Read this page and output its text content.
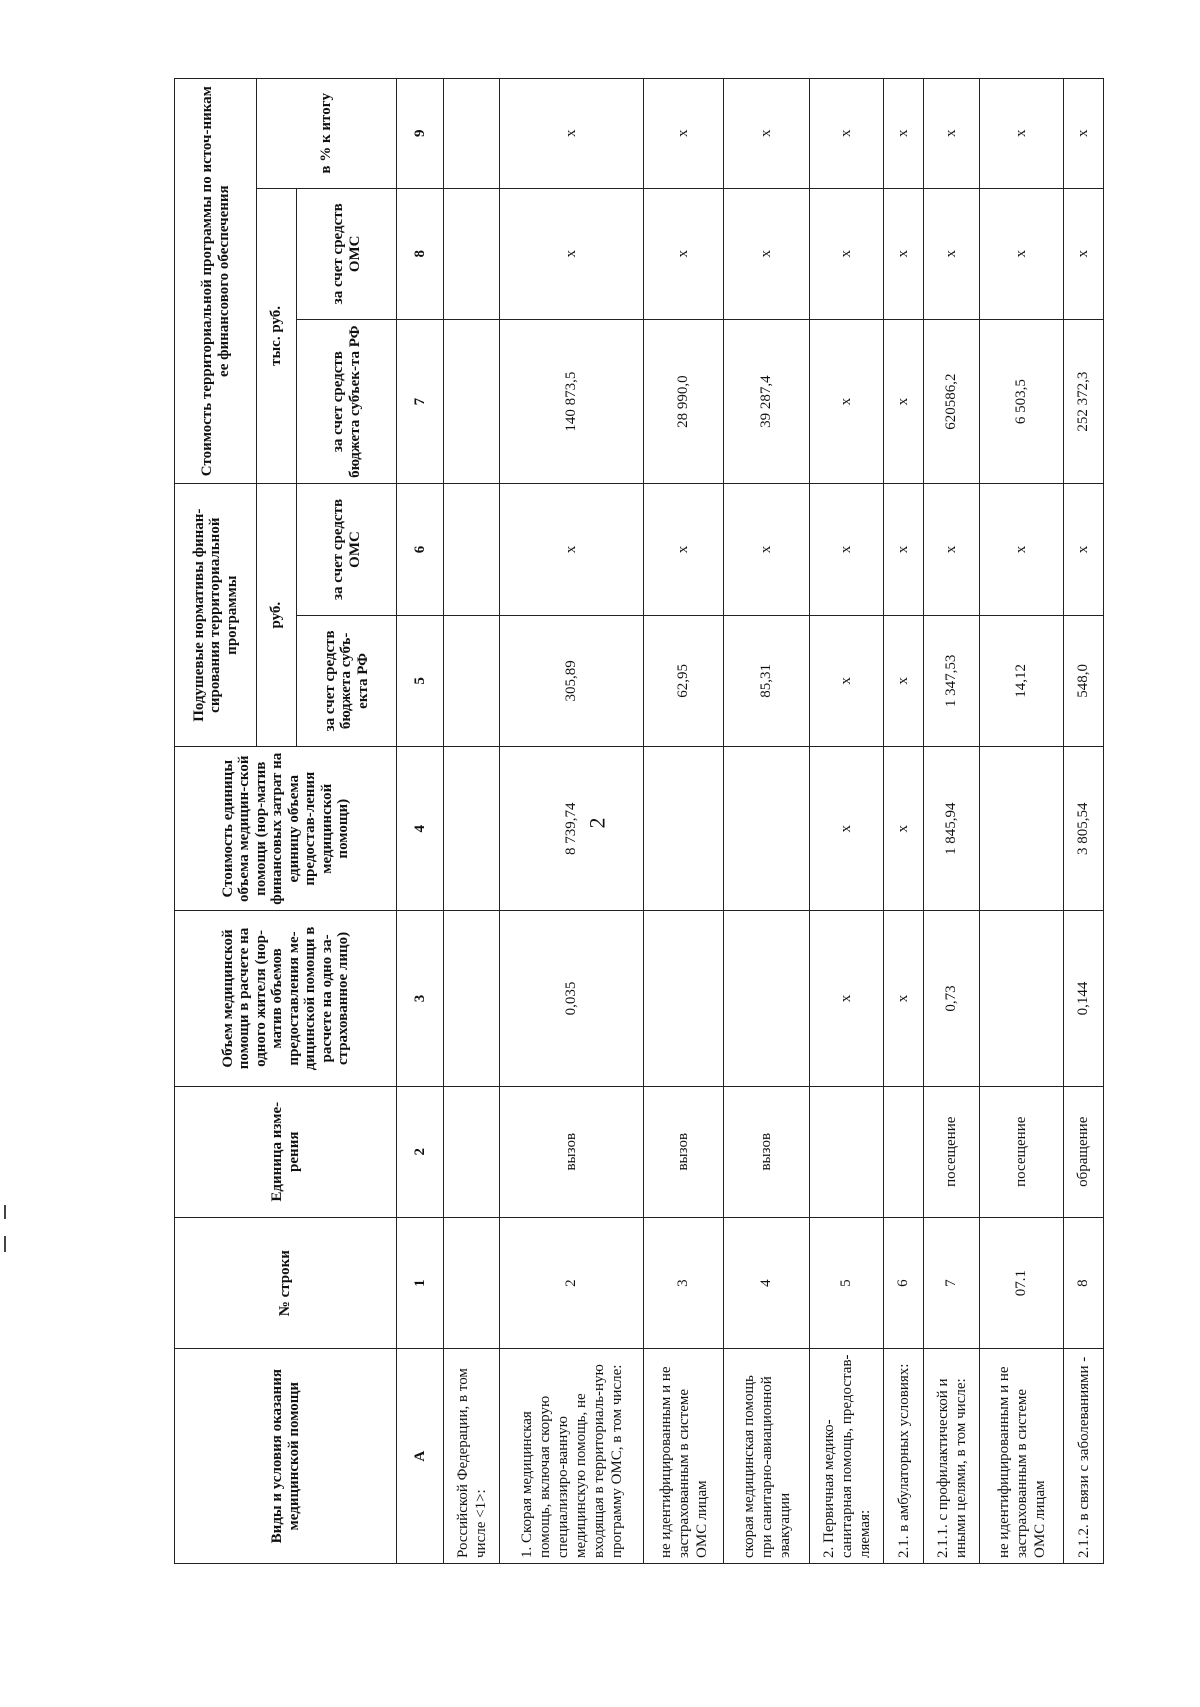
2
Виды и условия оказания медицинской помощи	№ строки	Единица изме-рения	Объем медицинской помощи в расчете на одного жителя (нор-матив объемов предоставления ме-дицинской помощи в расчете на одно за-страхованное лицо)	Стоимость единицы объема медицин-ской помощи (нор-матив финансовых затрат на единицу объема предостав-ления медицинской помощи)	Подушевые нормативы финан-сирования территориальной программы		Стоимость территориальной программы по источ-никам ее финансового обеспечения		
					руб.		тыс. руб.		в % к итогу
					за счет средств бюджета субъ-екта РФ	за счет средств ОМС	за счет средств бюджета субъек-та РФ	за счет средств ОМС	
А	1	2	3	4	5	6	7	8	9
Российской Федерации, в том числе <1>:									
1. Скорая медицинская помощь, включая скорую специализиро-ванную медицинскую помощь, не входящая в территориаль-ную программу ОМС, в том числе:	2	вызов	0,035	8 739,74	305,89	х	140 873,5	х	х
не идентифицированным и не застрахованным в системе ОМС лицам	3	вызов			62,95	х	28 990,0	х	х
скорая медицинская помощь при санитарно-авиационной эвакуации	4	вызов			85,31	х	39 287,4	х	х
2. Первичная медико-санитарная помощь, предостав-ляемая:	5		х	х	х	х	х	х	х
2.1. в амбулаторных условиях:	6		х	х	х	х	х	х	х
2.1.1. с профилактической и иными целями, в том числе:	7	посещение	0,73	1 845,94	1 347,53	х	620586,2	х	х
не идентифицированным и не застрахованным в системе ОМС лицам	07.1	посещение			14,12	х	6 503,5	х	х
2.1.2. в связи с заболеваниями -	8	обращение	0,144	3 805,54	548,0	х	252 372,3	х	х
